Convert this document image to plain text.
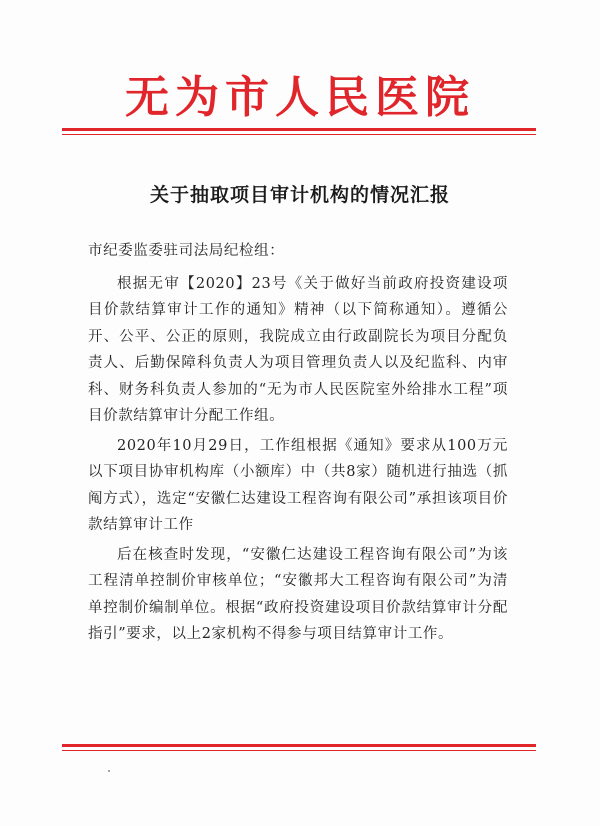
无为市人民医院
关于抽取项目审计机构的情况汇报

市纪委监委驻司法局纪检组：

根据无审【2020】23号《关于做好当前政府投资建设项目价款结算审计工作的通知》精神（以下简称通知）。遵循公开、公平、公正的原则，我院成立由行政副院长为项目分配负责人、后勤保障科负责人为项目管理负责人以及纪监科、内审科、财务科负责人参加的“无为市人民医院室外给排水工程”项目价款结算审计分配工作组。

2020年10月29日，工作组根据《通知》要求从100万元以下项目协审机构库（小额库）中（共8家）随机进行抽选（抓阄方式），选定“安徽仁达建设工程咨询有限公司”承担该项目价款结算审计工作

后在核查时发现，“安徽仁达建设工程咨询有限公司”为该工程清单控制价审核单位；“安徽邦大工程咨询有限公司”为清单控制价编制单位。根据“政府投资建设项目价款结算审计分配指引”要求，以上2家机构不得参与项目结算审计工作。
